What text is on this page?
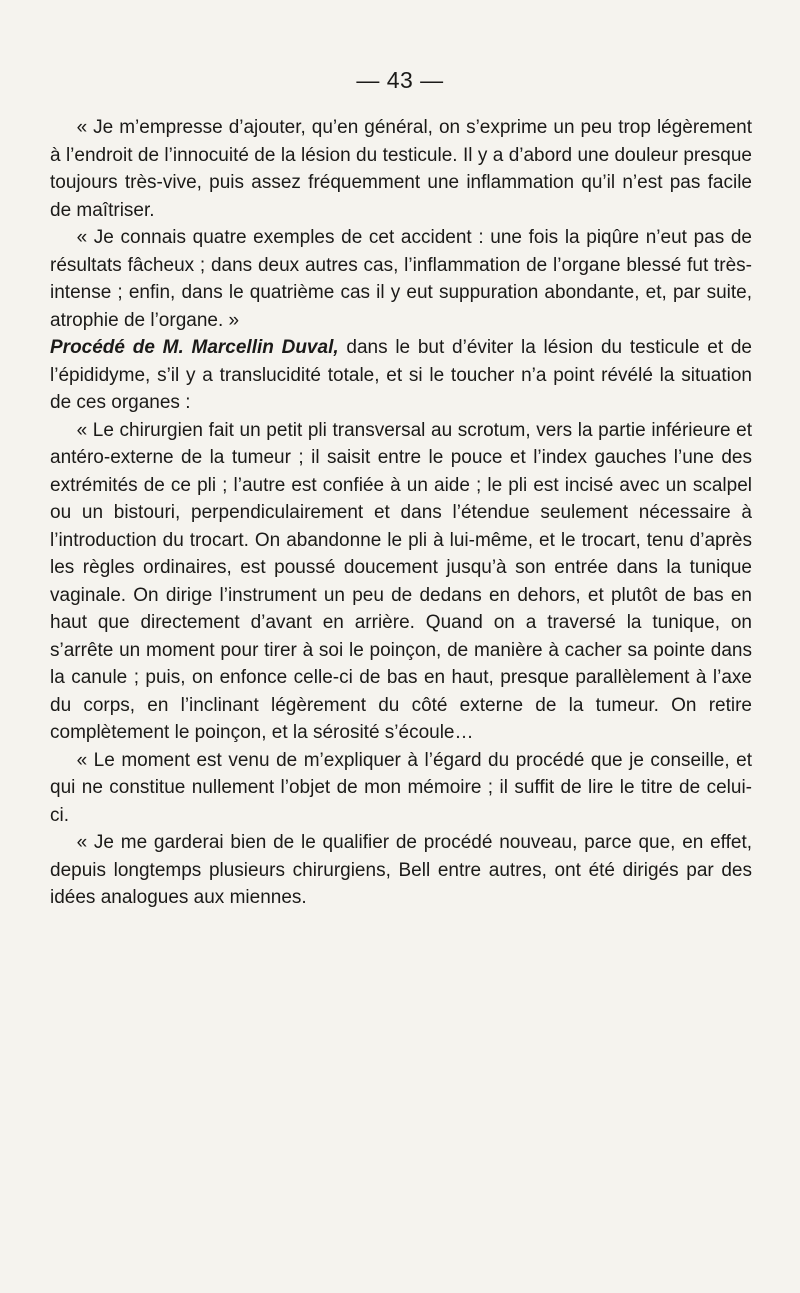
— 43 —

« Je m’empresse d’ajouter, qu’en général, on s’exprime un peu trop légèrement à l’endroit de l’innocuité de la lésion du testicule. Il y a d’abord une douleur presque toujours très-vive, puis assez fréquemment une inflammation qu’il n’est pas facile de maîtriser.

« Je connais quatre exemples de cet accident : une fois la piqûre n’eut pas de résultats fâcheux ; dans deux autres cas, l’inflammation de l’organe blessé fut très-intense ; enfin, dans le quatrième cas il y eut suppuration abondante, et, par suite, atrophie de l’organe. »

Procédé de M. Marcellin Duval, dans le but d’éviter la lésion du testicule et de l’épididyme, s’il y a translucidité totale, et si le toucher n’a point révélé la situation de ces organes :

« Le chirurgien fait un petit pli transversal au scrotum, vers la partie inférieure et antéro-externe de la tumeur ; il saisit entre le pouce et l’index gauches l’une des extrémités de ce pli ; l’autre est confiée à un aide ; le pli est incisé avec un scalpel ou un bistouri, perpendiculairement et dans l’étendue seulement nécessaire à l’introduction du trocart. On abandonne le pli à lui-même, et le trocart, tenu d’après les règles ordinaires, est poussé doucement jusqu’à son entrée dans la tunique vaginale. On dirige l’instrument un peu de dedans en dehors, et plutôt de bas en haut que directement d’avant en arrière. Quand on a traversé la tunique, on s’arrête un moment pour tirer à soi le poinçon, de manière à cacher sa pointe dans la canule ; puis, on enfonce celle-ci de bas en haut, presque parallèlement à l’axe du corps, en l’inclinant légèrement du côté externe de la tumeur. On retire complètement le poinçon, et la sérosité s’écoule…

« Le moment est venu de m’expliquer à l’égard du procédé que je conseille, et qui ne constitue nullement l’objet de mon mémoire ; il suffit de lire le titre de celui-ci.

« Je me garderai bien de le qualifier de procédé nouveau, parce que, en effet, depuis longtemps plusieurs chirurgiens, Bell entre autres, ont été dirigés par des idées analogues aux miennes.
